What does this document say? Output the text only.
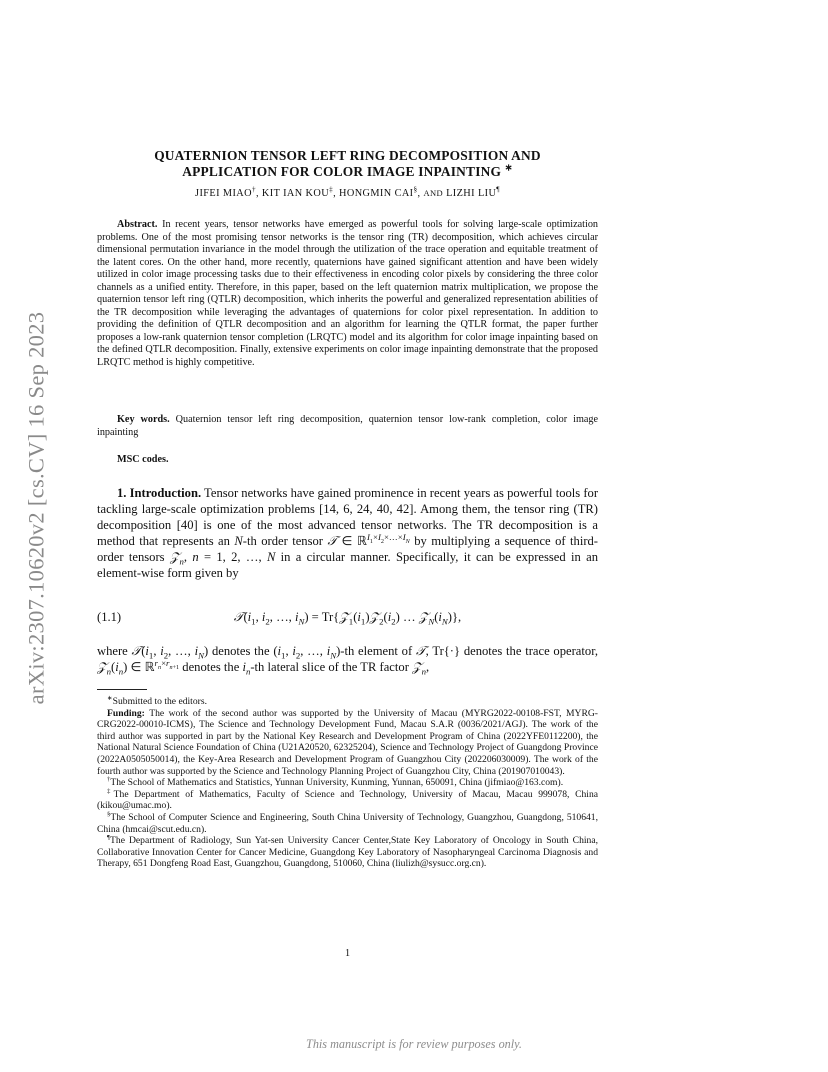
arXiv:2307.10620v2 [cs.CV] 16 Sep 2023
QUATERNION TENSOR LEFT RING DECOMPOSITION AND
APPLICATION FOR COLOR IMAGE INPAINTING ∗
JIFEI MIAO†, KIT IAN KOU‡, HONGMIN CAI§, AND LIZHI LIU¶
Abstract. In recent years, tensor networks have emerged as powerful tools for solving large-scale optimization problems. One of the most promising tensor networks is the tensor ring (TR) decomposition, which achieves circular dimensional permutation invariance in the model through the utilization of the trace operation and equitable treatment of the latent cores. On the other hand, more recently, quaternions have gained significant attention and have been widely utilized in color image processing tasks due to their effectiveness in encoding color pixels by considering the three color channels as a unified entity. Therefore, in this paper, based on the left quaternion matrix multiplication, we propose the quaternion tensor left ring (QTLR) decomposition, which inherits the powerful and generalized representation abilities of the TR decomposition while leveraging the advantages of quaternions for color pixel representation. In addition to providing the definition of QTLR decomposition and an algorithm for learning the QTLR format, the paper further proposes a low-rank quaternion tensor completion (LRQTC) model and its algorithm for color image inpainting based on the defined QTLR decomposition. Finally, extensive experiments on color image inpainting demonstrate that the proposed LRQTC method is highly competitive.
Key words. Quaternion tensor left ring decomposition, quaternion tensor low-rank completion, color image inpainting
MSC codes.
1. Introduction. Tensor networks have gained prominence in recent years as powerful tools for tackling large-scale optimization problems [14, 6, 24, 40, 42]. Among them, the tensor ring (TR) decomposition [40] is one of the most advanced tensor networks. The TR decomposition is a method that represents an N-th order tensor 𝒯 ∈ ℝ$^{I_1\times I_2\times\dots\times I_N}$ by multiplying a sequence of third-order tensors 𝒵$_n$, n = 1, 2, …, N in a circular manner. Specifically, it can be expressed in an element-wise form given by
(1.1)	$𝒯(i_1$, $i_2$, …, $i_N$) = $Tr\{𝒵_1(i_1)𝒵_2(i_2)$ … $𝒵_N(i_N)$},
where $𝒯(i_1$, $i_2$, …, $i_N$) denotes the ($i_1$, $i_2$, …, $i_N)-th$ element of 𝒯, Tr{·} denotes the trace operator, $𝒵_n(i_n)$ ∈ ℝ$^{r_n\times r_{n+1}}$ denotes the $i_n-th$ lateral slice of the TR factor 𝒵$_n$,

∗Submitted to the editors.

Funding: The work of the second author was supported by the University of Macau (MYRG2022-00108-FST, MYRG-CRG2022-00010-ICMS), The Science and Technology Development Fund, Macau S.A.R (0036/2021/AGJ). The work of the third author was supported in part by the National Key Research and Development Program of China (2022YFE0112200), the National Natural Science Foundation of China (U21A20520, 62325204), Science and Technology Project of Guangdong Province (2022A0505050014), the Key-Area Research and Development Program of Guangzhou City (202206030009). The work of the fourth author was supported by the Science and Technology Planning Project of Guangzhou City, China (201907010043).

†The School of Mathematics and Statistics, Yunnan University, Kunming, Yunnan, 650091, China (jifmiao@163.com).

‡The Department of Mathematics, Faculty of Science and Technology, University of Macau, Macau 999078, China (kikou@umac.mo).

§The School of Computer Science and Engineering, South China University of Technology, Guangzhou, Guangdong, 510641, China (hmcai@scut.edu.cn).

¶The Department of Radiology, Sun Yat-sen University Cancer Center,State Key Laboratory of Oncology in South China, Collaborative Innovation Center for Cancer Medicine, Guangdong Key Laboratory of Nasopharyngeal Carcinoma Diagnosis and Therapy, 651 Dongfeng Road East, Guangzhou, Guangdong, 510060, China (liulizh@sysucc.org.cn).

1
This manuscript is for review purposes only.
